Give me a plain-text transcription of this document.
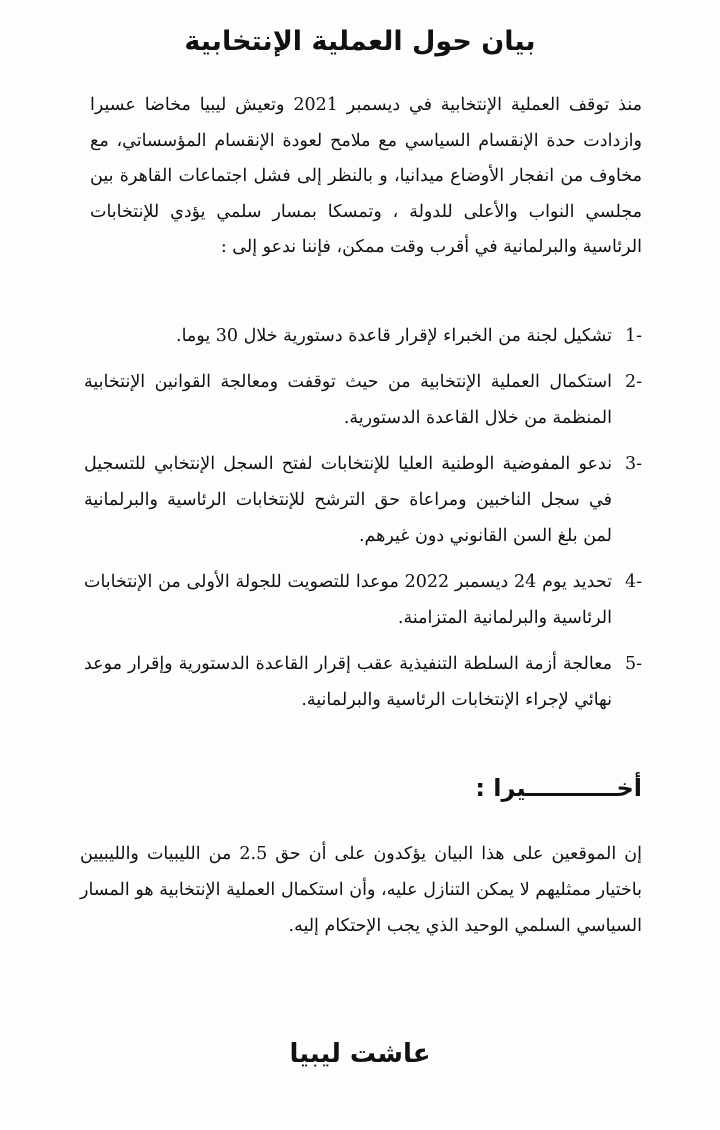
بيان حول العملية الإنتخابية

منذ توقف العملية الإنتخابية في ديسمبر 2021 وتعيش ليبيا مخاضا عسيرا وازدادت حدة الإنقسام السياسي مع ملامح لعودة الإنقسام المؤسساتي، مع مخاوف من انفجار الأوضاع ميدانيا، و بالنظر إلى فشل اجتماعات القاهرة بين مجلسي النواب والأعلى للدولة ، وتمسكا بمسار سلمي يؤدي للإنتخابات الرئاسية والبرلمانية في أقرب وقت ممكن، فإننا ندعو إلى :

-1
تشكيل لجنة من الخبراء لإقرار قاعدة دستورية خلال 30 يوما.
-2
استكمال العملية الإنتخابية من حيث توقفت ومعالجة القوانين الإنتخابية المنظمة من خلال القاعدة الدستورية.
-3
ندعو المفوضية الوطنية العليا للإنتخابات لفتح السجل الإنتخابي للتسجيل في سجل الناخبين ومراعاة حق الترشح للإنتخابات الرئاسية والبرلمانية لمن بلغ السن القانوني دون غيرهم.
-4
تحديد يوم 24 ديسمبر 2022 موعدا للتصويت للجولة الأولى من الإنتخابات الرئاسية والبرلمانية المتزامنة.
-5
معالجة أزمة السلطة التنفيذية عقب إقرار القاعدة الدستورية وإقرار موعد نهائي لإجراء الإنتخابات الرئاسية والبرلمانية.
أخـــــــــــيرا :

إن الموقعين على هذا البيان يؤكدون على أن حق 2.5 من الليبيات والليبيين باختيار ممثليهم لا يمكن التنازل عليه، وأن استكمال العملية الإنتخابية هو المسار السياسي السلمي الوحيد الذي يجب الإحتكام إليه.

عاشت ليبيا
